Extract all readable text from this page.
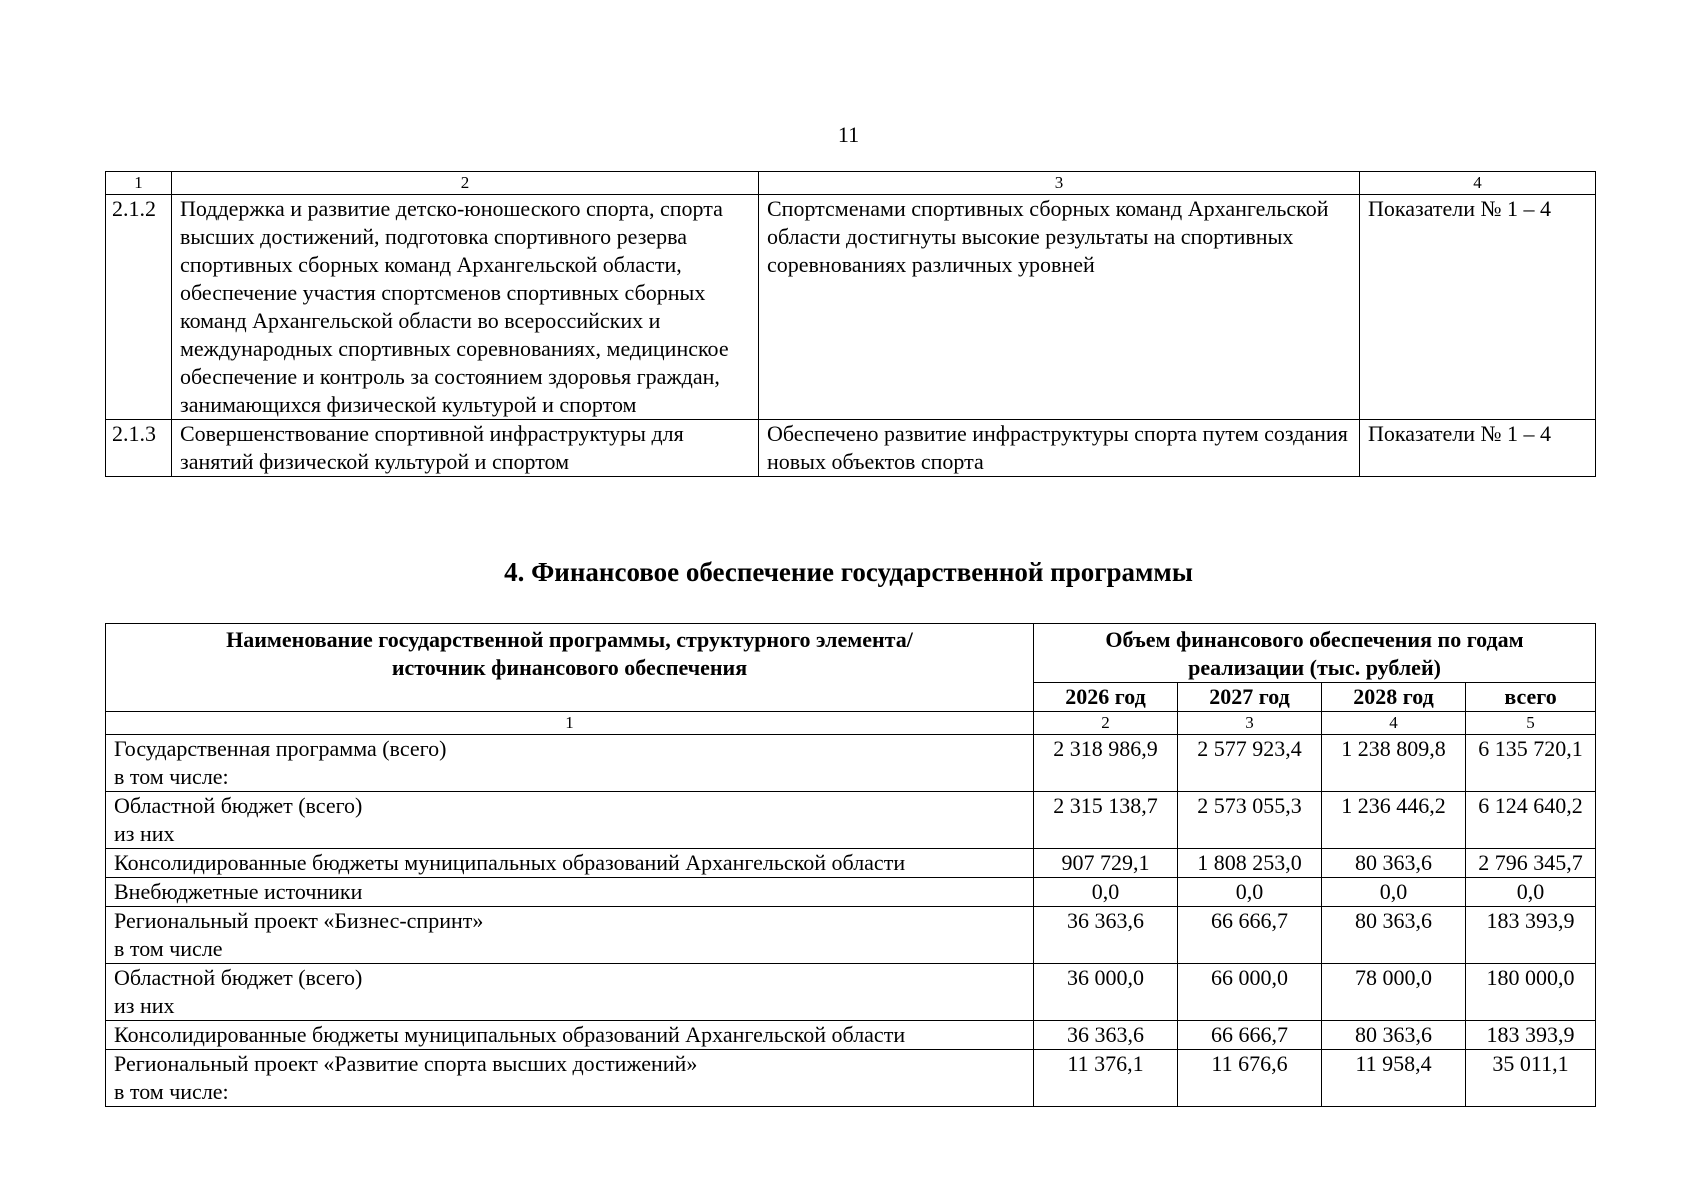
11
1	2	3	4
2.1.2	Поддержка и развитие детско-юношеского спорта, спорта высших достижений, подготовка спортивного резерва спортивных сборных команд Архангельской области, обеспечение участия спортсменов спортивных сборных команд Архангельской области во всероссийских и международных спортивных соревнованиях, медицинское обеспечение и контроль за состоянием здоровья граждан, занимающихся физической культурой и спортом	Спортсменами спортивных сборных команд Архангельской области достигнуты высокие результаты на спортивных соревнованиях различных уровней	Показатели № 1 – 4
2.1.3	Совершенствование спортивной инфраструктуры для занятий физической культурой и спортом	Обеспечено развитие инфраструктуры спорта путем создания новых объектов спорта	Показатели № 1 – 4
4. Финансовое обеспечение государственной программы
Наименование государственной программы, структурного элемента/
источник финансового обеспечения	Объем финансового обеспечения по годам
реализации (тыс. рублей)			

	2026 год	2027 год	2028 год	всего
1	2	3	4	5

Государственная программа (всего)
в том числе:	2 318 986,9	2 577 923,4	1 238 809,8	6 135 720,1

Областной бюджет (всего)
из них	2 315 138,7	2 573 055,3	1 236 446,2	6 124 640,2

Консолидированные бюджеты муниципальных образований Архангельской области	907 729,1	1 808 253,0	80 363,6	2 796 345,7

Внебюджетные источники	0,0	0,0	0,0	0,0

Региональный проект «Бизнес-спринт»
в том числе	36 363,6	66 666,7	80 363,6	183 393,9

Областной бюджет (всего)
из них	36 000,0	66 000,0	78 000,0	180 000,0

Консолидированные бюджеты муниципальных образований Архангельской области	36 363,6	66 666,7	80 363,6	183 393,9

Региональный проект «Развитие спорта высших достижений»
в том числе:	11 376,1	11 676,6	11 958,4	35 011,1
